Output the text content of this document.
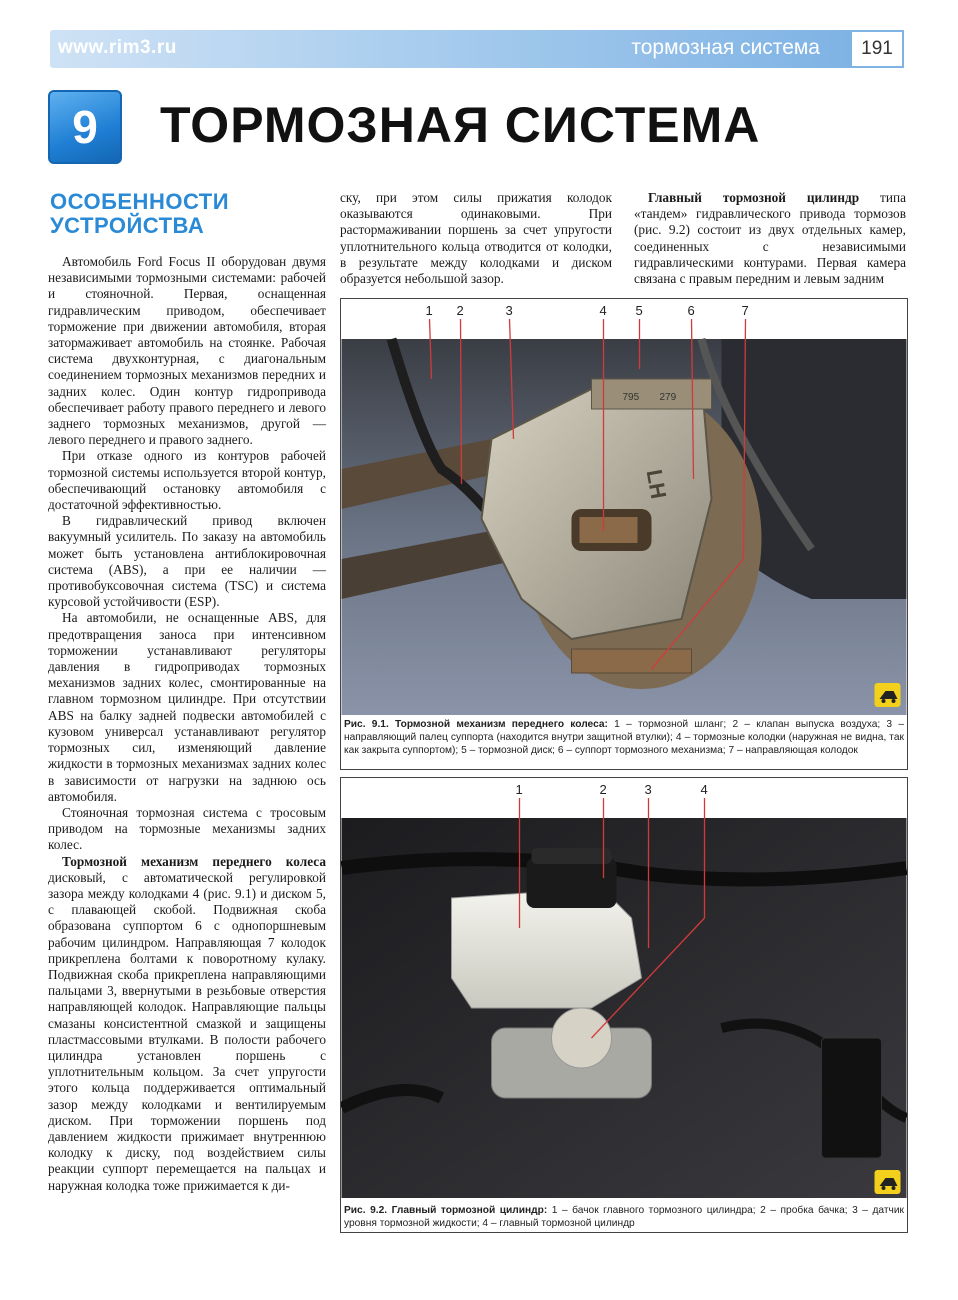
www.rim3.ru	тормозная система 191
9 ТОРМОЗНАЯ СИСТЕМА
ОСОБЕННОСТИ
УСТРОЙСТВА

Автомобиль Ford Focus II оборудован двумя независимыми тормозными системами: рабочей и стояночной. Первая, оснащенная гидравлическим приводом, обеспечивает торможение при движении автомобиля, вторая затормаживает автомобиль на стоянке. Рабочая система двухконтурная, с диагональным соединением тормозных механизмов передних и задних колес. Один контур гидропривода обеспечивает работу правого переднего и левого заднего тормозных механизмов, другой — левого переднего и правого заднего.

При отказе одного из контуров рабочей тормозной системы используется второй контур, обеспечивающий остановку автомобиля с достаточной эффективностью.

В гидравлический привод включен вакуумный усилитель. По заказу на автомобиль может быть установлена антиблокировочная система (ABS), а при ее наличии — противобуксовочная система (TSC) и система курсовой устойчивости (ESP).

На автомобили, не оснащенные ABS, для предотвращения заноса при интенсивном торможении устанавливают регуляторы давления в гидроприводах тормозных механизмов задних колес, смонтированные на главном тормозном цилиндре. При отсутствии ABS на балку задней подвески автомобилей с кузовом универсал устанавливают регулятор тормозных сил, изменяющий давление жидкости в тормозных механизмах задних колес в зависимости от нагрузки на заднюю ось автомобиля.

Стояночная тормозная система с тросовым приводом на тормозные механизмы задних колес.

Тормозной механизм переднего колеса дисковый, с автоматической регулировкой зазора между колодками 4 (рис. 9.1) и диском 5, с плавающей скобой. Подвижная скоба образована суппортом 6 с однопоршневым рабочим цилиндром. Направляющая 7 колодок прикреплена болтами к поворотному кулаку. Подвижная скоба прикреплена направляющими пальцами 3, ввернутыми в резьбовые отверстия направляющей колодок. Направляющие пальцы смазаны консистентной смазкой и защищены пластмассовыми втулками. В полости рабочего цилиндра установлен поршень с уплотнительным кольцом. За счет упругости этого кольца поддерживается оптимальный зазор между колодками и вентилируемым диском. При торможении поршень под давлением жидкости прижимает внутреннюю колодку к диску, под воздействием силы реакции суппорт перемещается на пальцах и наружная колодка тоже прижимается к ди-

ску, при этом силы прижатия колодок оказываются одинаковыми. При растормаживании поршень за счет упругости уплотнительного кольца отводится от колодки, в результате между колодками и диском образуется небольшой зазор.

Главный тормозной цилиндр типа «тандем» гидравлического привода тормозов (рис. 9.2) состоит из двух отдельных камер, соединенных с независимыми гидравлическими контурами. Первая камера связана с правым передним и левым задним

795 279
LH
1 2	3	4 5	6	7
Рис. 9.1. Тормозной механизм переднего колеса: 1 – тормозной шланг; 2 – клапан выпуска воздуха; 3 – направляющий палец суппорта (находится внутри защитной втулки); 4 – тормозные колодки (наружная не видна, так как закрыта суппортом); 5 – тормозной диск; 6 – суппорт тормозного механизма; 7 – направляющая колодок
1	2	3	4
Рис. 9.2. Главный тормозной цилиндр: 1 – бачок главного тормозного цилиндра; 2 – пробка бачка; 3 – датчик уровня тормозной жидкости; 4 – главный тормозной цилиндр
